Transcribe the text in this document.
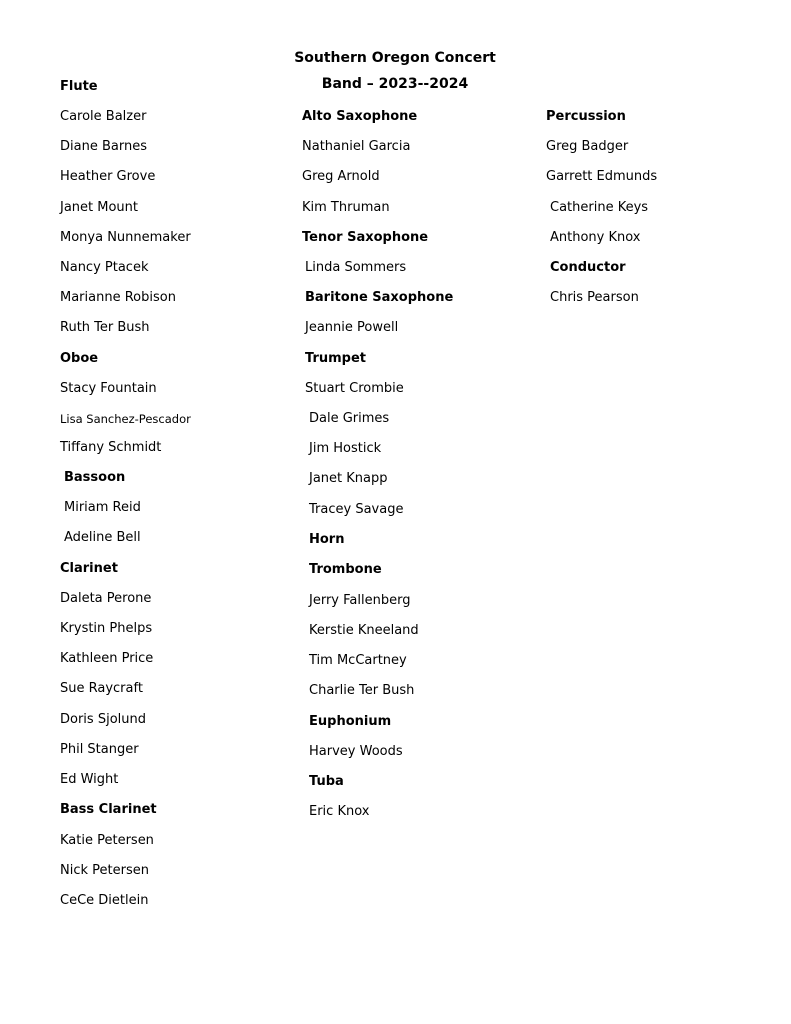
Southern Oregon Concert
Band – 2023--2024
Flute
Carole Balzer
Diane Barnes
Heather Grove
Janet Mount
Monya Nunnemaker
Nancy Ptacek
Marianne Robison
Ruth Ter Bush
Oboe
Stacy Fountain
Lisa Sanchez-Pescador
Tiffany Schmidt
Bassoon
Miriam Reid
Adeline Bell
Clarinet
Daleta Perone
Krystin Phelps
Kathleen Price
Sue Raycraft
Doris Sjolund
Phil Stanger
Ed Wight
Bass Clarinet
Katie Petersen
Nick Petersen
CeCe Dietlein
Alto Saxophone
Nathaniel Garcia
Greg Arnold
Kim Thruman
Tenor Saxophone
Linda Sommers
Baritone Saxophone
Jeannie Powell
Trumpet
Stuart Crombie
Dale Grimes
Jim Hostick
Janet Knapp
Tracey Savage
Horn
Trombone
Jerry Fallenberg
Kerstie Kneeland
Tim McCartney
Charlie Ter Bush
Euphonium
Harvey Woods
Tuba
Eric Knox
Percussion
Greg Badger
Garrett Edmunds
Catherine Keys
Anthony Knox
Conductor
Chris Pearson
